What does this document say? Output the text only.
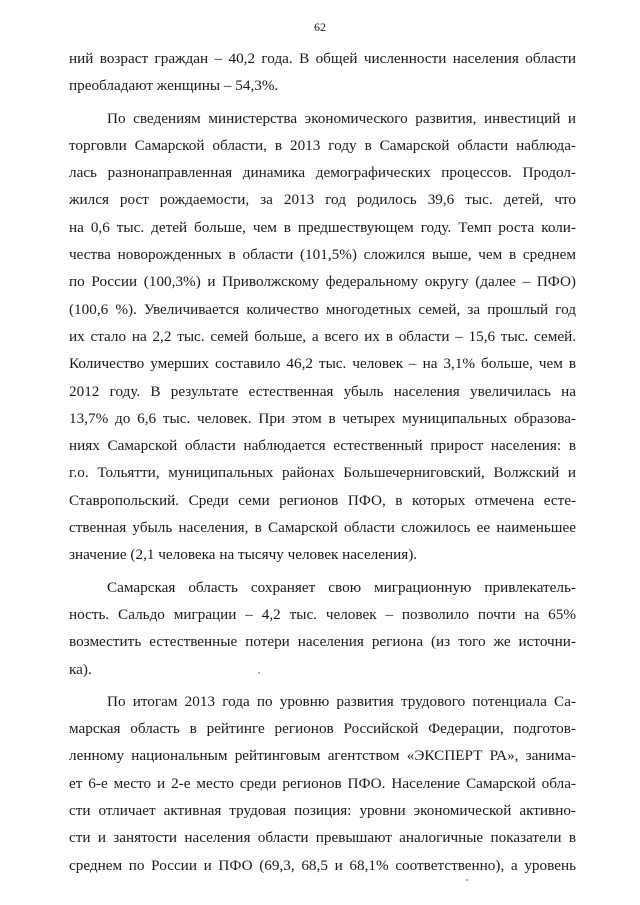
62
ний возраст граждан – 40,2 года. В общей численности населения области
преобладают женщины – 54,3%.
По сведениям министерства экономического развития, инвестиций и
торговли Самарской области, в 2013 году в Самарской области наблюда-
лась разнонаправленная динамика демографических процессов. Продол-
жился рост рождаемости, за 2013 год родилось 39,6 тыс. детей, что
на 0,6 тыс. детей больше, чем в предшествующем году. Темп роста коли-
чества новорожденных в области (101,5%) сложился выше, чем в среднем
по России (100,3%) и Приволжскому федеральному округу (далее – ПФО)
(100,6 %). Увеличивается количество многодетных семей, за прошлый год
их стало на 2,2 тыс. семей больше, а всего их в области – 15,6 тыс. семей.
Количество умерших составило 46,2 тыс. человек – на 3,1% больше, чем в
2012 году. В результате естественная убыль населения увеличилась на
13,7% до 6,6 тыс. человек. При этом в четырех муниципальных образова-
ниях Самарской области наблюдается естественный прирост населения: в
г.о. Тольятти, муниципальных районах Большечерниговский, Волжский и
Ставропольский. Среди семи регионов ПФО, в которых отмечена есте-
ственная убыль населения, в Самарской области сложилось ее наименьшее
значение (2,1 человека на тысячу человек населения).
Самарская область сохраняет свою миграционную привлекатель-
ность. Сальдо миграции – 4,2 тыс. человек – позволило почти на 65%
возместить естественные потери населения региона (из того же источни-
ка).
По итогам 2013 года по уровню развития трудового потенциала Са-
марская область в рейтинге регионов Российской Федерации, подготов-
ленному национальным рейтинговым агентством «ЭКСПЕРТ РА», занима-
ет 6-е место и 2-е место среди регионов ПФО. Население Самарской обла-
сти отличает активная трудовая позиция: уровни экономической активно-
сти и занятости населения области превышают аналогичные показатели в
среднем по России и ПФО (69,3, 68,5 и 68,1% соответственно), а уровень
